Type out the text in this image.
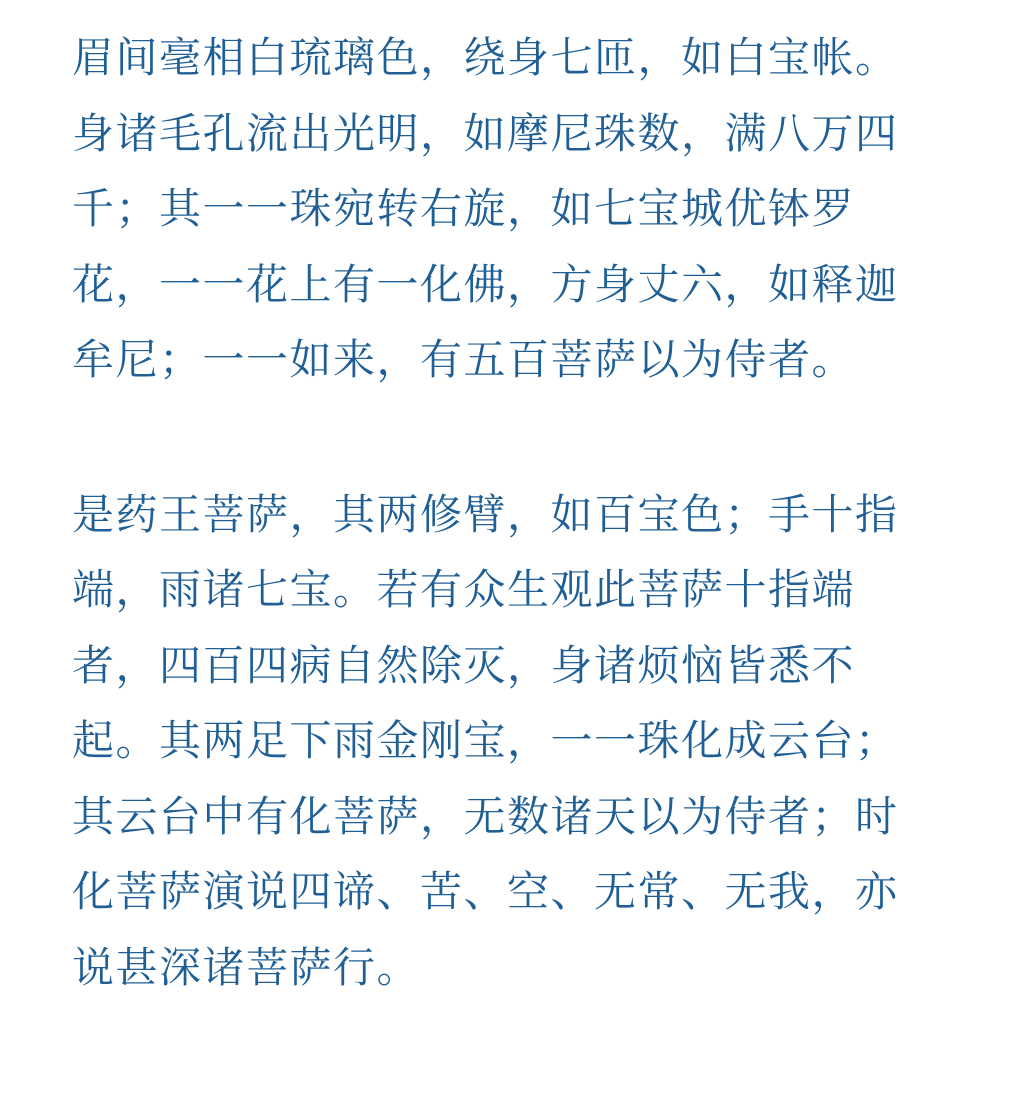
眉间毫相白琉璃色，绕身七匝，如白宝帐。
身诸毛孔流出光明，如摩尼珠数，满八万四
千；其一一珠宛转右旋，如七宝城优钵罗
花，一一花上有一化佛，方身丈六，如释迦
牟尼；一一如来，有五百菩萨以为侍者。
是药王菩萨，其两修臂，如百宝色；手十指
端，雨诸七宝。若有众生观此菩萨十指端
者，四百四病自然除灭，身诸烦恼皆悉不
起。其两足下雨金刚宝，一一珠化成云台；
其云台中有化菩萨，无数诸天以为侍者；时
化菩萨演说四谛、苦、空、无常、无我，亦
说甚深诸菩萨行。
